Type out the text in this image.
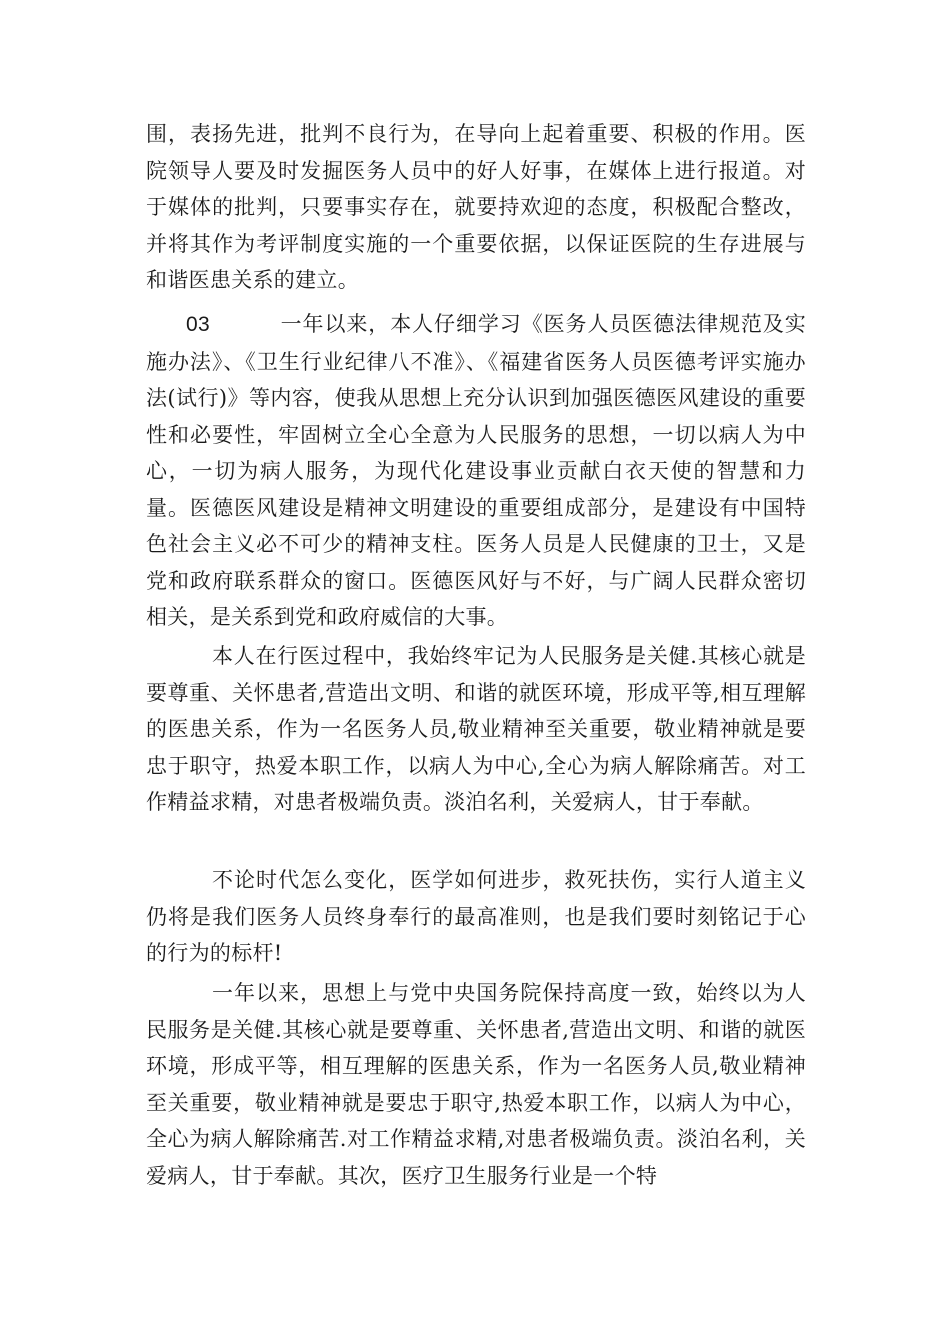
围，表扬先进，批判不良行为，在导向上起着重要、积极的作用。医院领导人要及时发掘医务人员中的好人好事，在媒体上进行报道。对于媒体的批判，只要事实存在，就要持欢迎的态度，积极配合整改，并将其作为考评制度实施的一个重要依据，以保证医院的生存进展与和谐医患关系的建立。

03	一年以来，本人仔细学习《医务人员医德法律规范及实施办法》、《卫生行业纪律八不准》、《福建省医务人员医德考评实施办法(试行)》等内容，使我从思想上充分认识到加强医德医风建设的重要性和必要性，牢固树立全心全意为人民服务的思想，一切以病人为中心，一切为病人服务，为现代化建设事业贡献白衣天使的智慧和力量。医德医风建设是精神文明建设的重要组成部分，是建设有中国特色社会主义必不可少的精神支柱。医务人员是人民健康的卫士，又是党和政府联系群众的窗口。医德医风好与不好，与广阔人民群众密切相关，是关系到党和政府威信的大事。

本人在行医过程中，我始终牢记为人民服务是关健.其核心就是要尊重、关怀患者,营造出文明、和谐的就医环境，形成平等,相互理解的医患关系，作为一名医务人员,敬业精神至关重要，敬业精神就是要忠于职守，热爱本职工作，以病人为中心,全心为病人解除痛苦。对工作精益求精，对患者极端负责。淡泊名利，关爱病人，甘于奉献。

不论时代怎么变化，医学如何进步，救死扶伤，实行人道主义仍将是我们医务人员终身奉行的最高准则，也是我们要时刻铭记于心的行为的标杆!

一年以来，思想上与党中央国务院保持高度一致，始终以为人民服务是关健.其核心就是要尊重、关怀患者,营造出文明、和谐的就医环境，形成平等，相互理解的医患关系，作为一名医务人员,敬业精神至关重要，敬业精神就是要忠于职守,热爱本职工作，以病人为中心，全心为病人解除痛苦.对工作精益求精,对患者极端负责。淡泊名利，关爱病人，甘于奉献。其次，医疗卫生服务行业是一个特
